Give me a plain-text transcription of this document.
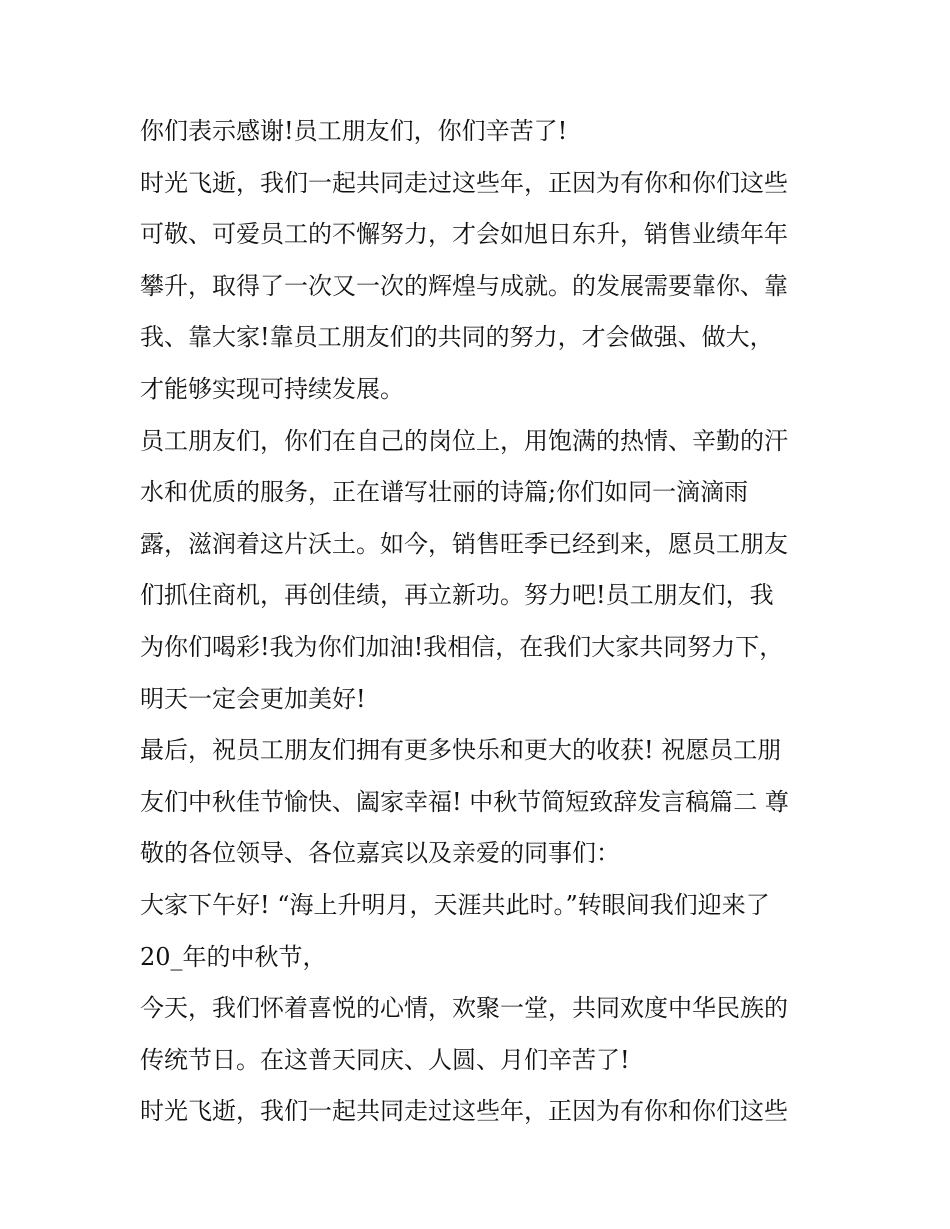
你们表示感谢!员工朋友们，你们辛苦了!
时光飞逝，我们一起共同走过这些年，正因为有你和你们这些
可敬、可爱员工的不懈努力，才会如旭日东升，销售业绩年年
攀升，取得了一次又一次的辉煌与成就。的发展需要靠你、靠
我、靠大家!靠员工朋友们的共同的努力，才会做强、做大，
才能够实现可持续发展。
员工朋友们，你们在自己的岗位上，用饱满的热情、辛勤的汗
水和优质的服务，正在谱写壮丽的诗篇;你们如同一滴滴雨
露，滋润着这片沃土。如今，销售旺季已经到来，愿员工朋友
们抓住商机，再创佳绩，再立新功。努力吧!员工朋友们，我
为你们喝彩!我为你们加油!我相信，在我们大家共同努力下，
明天一定会更加美好!
最后，祝员工朋友们拥有更多快乐和更大的收获! 祝愿员工朋
友们中秋佳节愉快、阖家幸福! 中秋节简短致辞发言稿篇二 尊
敬的各位领导、各位嘉宾以及亲爱的同事们：
大家下午好! “海上升明月，天涯共此时。”转眼间我们迎来了
20_年的中秋节，
今天，我们怀着喜悦的心情，欢聚一堂，共同欢度中华民族的
传统节日。在这普天同庆、人圆、月们辛苦了!
时光飞逝，我们一起共同走过这些年，正因为有你和你们这些
